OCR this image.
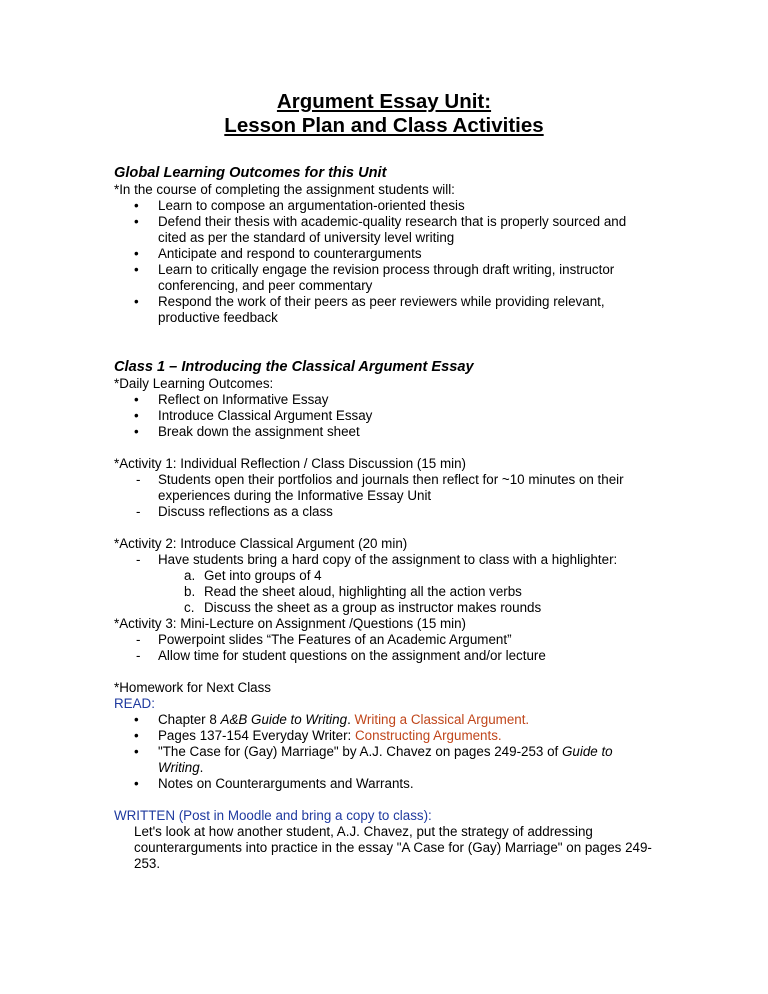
Argument Essay Unit:
Lesson Plan and Class Activities
Global Learning Outcomes for this Unit

*In the course of completing the assignment students will:

• Learn to compose an argumentation-oriented thesis
• Defend their thesis with academic-quality research that is properly sourced and cited as per the standard of university level writing
• Anticipate and respond to counterarguments
• Learn to critically engage the revision process through draft writing, instructor conferencing, and peer commentary
• Respond the work of their peers as peer reviewers while providing relevant, productive feedback
Class 1 – Introducing the Classical Argument Essay

*Daily Learning Outcomes:

• Reflect on Informative Essay
• Introduce Classical Argument Essay
• Break down the assignment sheet

*Activity 1: Individual Reflection / Class Discussion (15 min)

- Students open their portfolios and journals then reflect for ~10 minutes on their experiences during the Informative Essay Unit
- Discuss reflections as a class

*Activity 2: Introduce Classical Argument (20 min)

- Have students bring a hard copy of the assignment to class with a highlighter:
a. Get into groups of 4
b. Read the sheet aloud, highlighting all the action verbs
c. Discuss the sheet as a group as instructor makes rounds

*Activity 3: Mini-Lecture on Assignment /Questions (15 min)

- Powerpoint slides “The Features of an Academic Argument”
- Allow time for student questions on the assignment and/or lecture

*Homework for Next Class

READ:

• Chapter 8 A&B Guide to Writing. Writing a Classical Argument.
• Pages 137-154 Everyday Writer: Constructing Arguments.
• "The Case for (Gay) Marriage" by A.J. Chavez on pages 249-253 of Guide to Writing.
• Notes on Counterarguments and Warrants.

WRITTEN (Post in Moodle and bring a copy to class):

Let's look at how another student, A.J. Chavez, put the strategy of addressing counterarguments into practice in the essay "A Case for (Gay) Marriage" on pages 249-253.
